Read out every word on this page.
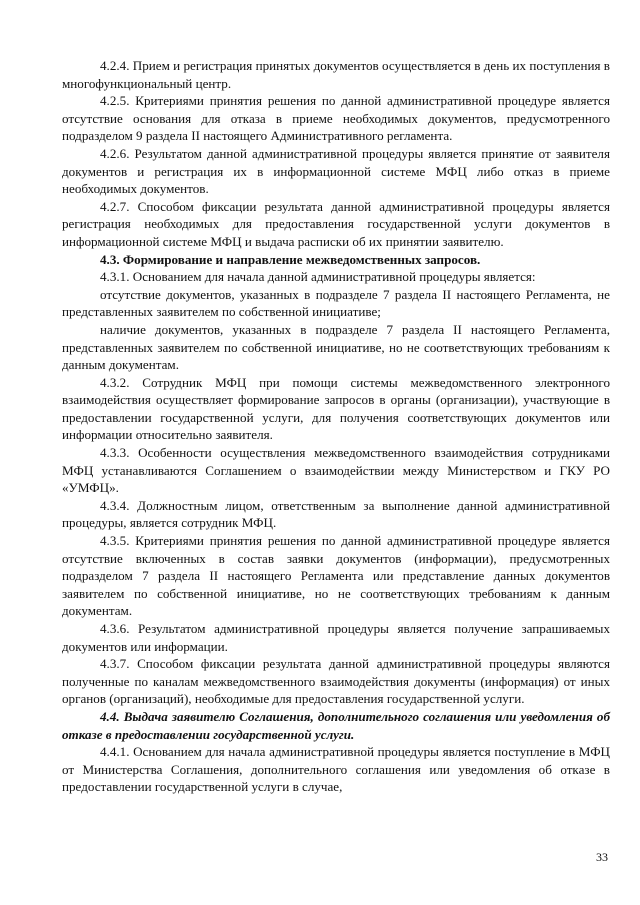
4.2.4. Прием и регистрация принятых документов осуществляется в день их поступления в многофункциональный центр.

4.2.5. Критериями принятия решения по данной административной процедуре является отсутствие основания для отказа в приеме необходимых документов, предусмотренного подразделом 9 раздела II настоящего Административного регламента.

4.2.6. Результатом данной административной процедуры является принятие от заявителя документов и регистрация их в информационной системе МФЦ либо отказ в приеме необходимых документов.

4.2.7. Способом фиксации результата данной административной процедуры является регистрация необходимых для предоставления государственной услуги документов в информационной системе МФЦ и выдача расписки об их принятии заявителю.

4.3. Формирование и направление межведомственных запросов.

4.3.1. Основанием для начала данной административной процедуры является:

отсутствие документов, указанных в подразделе 7 раздела II настоящего Регламента, не представленных заявителем по собственной инициативе;

наличие документов, указанных в подразделе 7 раздела II настоящего Регламента, представленных заявителем по собственной инициативе, но не соответствующих требованиям к данным документам.

4.3.2. Сотрудник МФЦ при помощи системы межведомственного электронного взаимодействия осуществляет формирование запросов в органы (организации), участвующие в предоставлении государственной услуги, для получения соответствующих документов или информации относительно заявителя.

4.3.3. Особенности осуществления межведомственного взаимодействия сотрудниками МФЦ устанавливаются Соглашением о взаимодействии между Министерством и ГКУ РО «УМФЦ».

4.3.4. Должностным лицом, ответственным за выполнение данной административной процедуры, является сотрудник МФЦ.

4.3.5. Критериями принятия решения по данной административной процедуре является отсутствие включенных в состав заявки документов (информации), предусмотренных подразделом 7 раздела II настоящего Регламента или представление данных документов заявителем по собственной инициативе, но не соответствующих требованиям к данным документам.

4.3.6. Результатом административной процедуры является получение запрашиваемых документов или информации.

4.3.7. Способом фиксации результата данной административной процедуры являются полученные по каналам межведомственного взаимодействия документы (информация) от иных органов (организаций), необходимые для предоставления государственной услуги.

4.4. Выдача заявителю Соглашения, дополнительного соглашения или уведомления об отказе в предоставлении государственной услуги.

4.4.1. Основанием для начала административной процедуры является поступление в МФЦ от Министерства Соглашения, дополнительного соглашения или уведомления об отказе в предоставлении государственной услуги в случае,

33
